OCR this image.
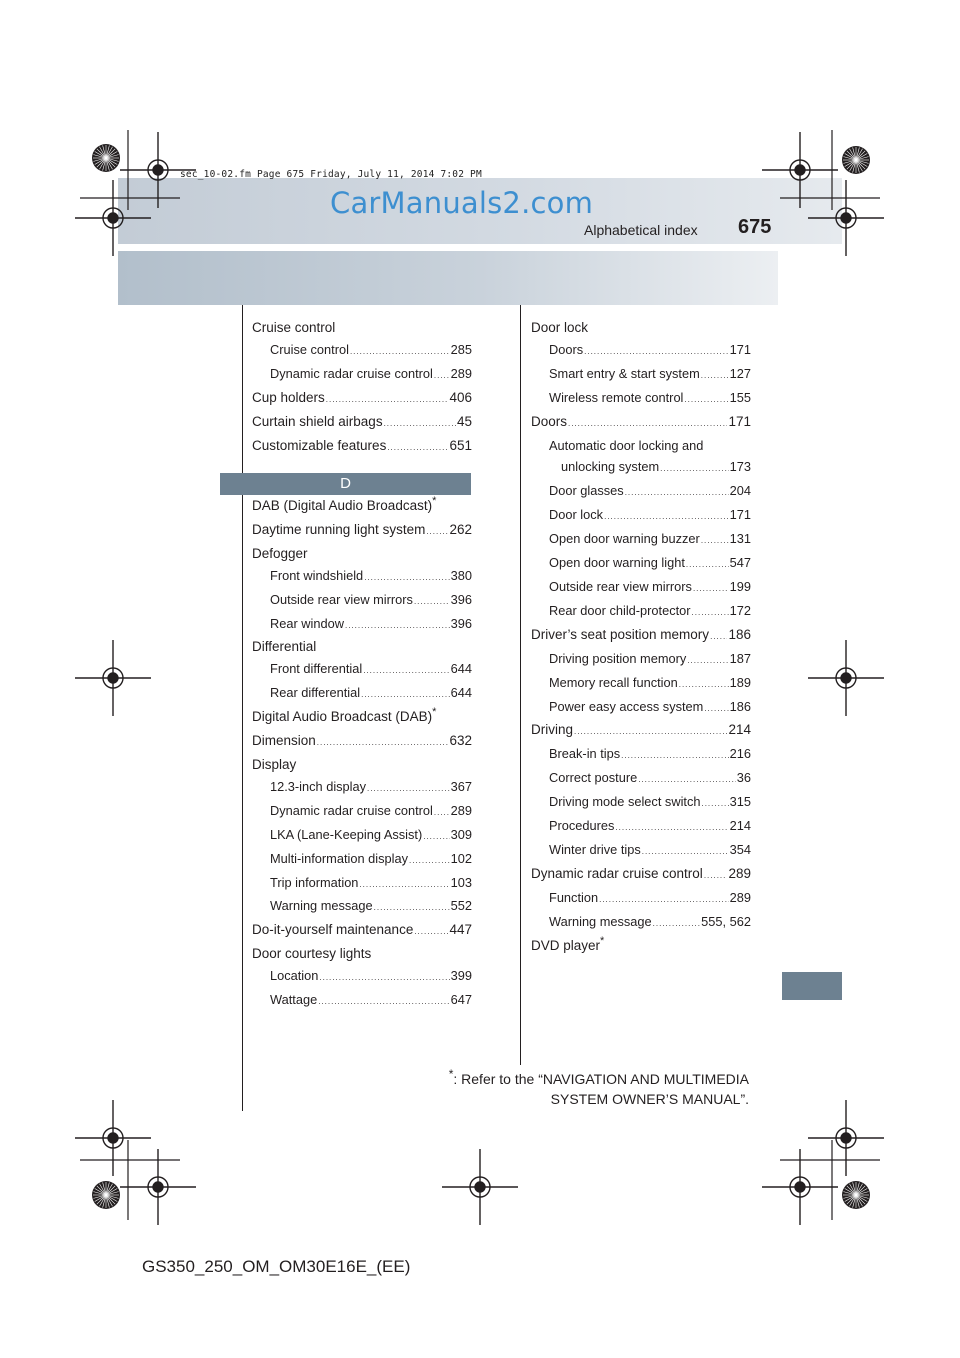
sec_10-02.fm Page 675 Friday, July 11, 2014 7:02 PM
CarManuals2.com
Alphabetical index 675
Cruise control
Cruise control .....	285
Dynamic radar cruise control ..... 289
Cup holders .....	406
Curtain shield airbags .....	45
Customizable features .....	651
D
DAB (Digital Audio Broadcast) *
Daytime running light system ..... 262
Defogger
Front windshield .....	380
Outside rear view mirrors .....	396
Rear window .....	396
Differential
Front differential .....	644
Rear differential .....	644
Digital Audio Broadcast (DAB) *
Dimension .....	632
Display
12.3-inch display .....	367
Dynamic radar cruise control ..... 289
LKA (Lane-Keeping Assist) ..... 309
Multi-information display .....	102
Trip information .....	103
Warning message .....	552
Do-it-yourself maintenance .....	447
Door courtesy lights
Location .....	399
Wattage .....	647
Door lock
Doors .....	171
Smart entry & start system ..... 127
Wireless remote control .....	155
Doors .....	171
Automatic door locking and
unlocking system .....	173
Door glasses .....	204
Door lock .....	171
Open door warning buzzer ..... 131
Open door warning light .....	547
Outside rear view mirrors .....	199
Rear door child-protector .....	172
Driver’s seat position memory ..... 186
Driving position memory .....	187
Memory recall function .....	189
Power easy access system ..... 186
Driving .....	214
Break-in tips .....	216
Correct posture .....	36
Driving mode select switch ..... 315
Procedures .....	214
Winter drive tips .....	354
Dynamic radar cruise control ..... 289
Function .....	289
Warning message .....	555, 562
DVD player *
*: Refer to the “NAVIGATION AND MULTIMEDIA
SYSTEM OWNER’S MANUAL”.
GS350_250_OM_OM30E16E_(EE)
